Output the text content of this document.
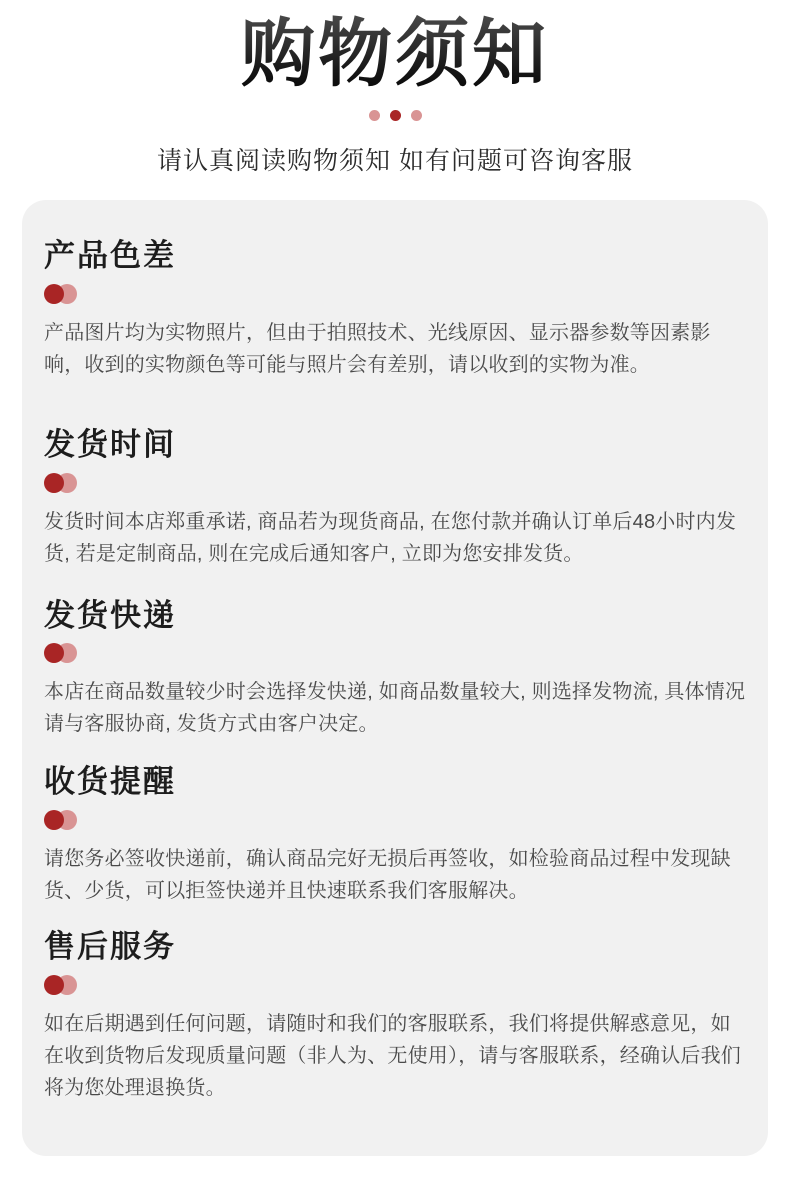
购物须知
请认真阅读购物须知 如有问题可咨询客服
产品色差

产品图片均为实物照片，但由于拍照技术、光线原因、显示器参数等因素影响，收到的实物颜色等可能与照片会有差别，请以收到的实物为准。

发货时间

发货时间本店郑重承诺, 商品若为现货商品, 在您付款并确认订单后48小时内发货, 若是定制商品, 则在完成后通知客户, 立即为您安排发货。

发货快递

本店在商品数量较少时会选择发快递, 如商品数量较大, 则选择发物流, 具体情况请与客服协商, 发货方式由客户决定。

收货提醒

请您务必签收快递前，确认商品完好无损后再签收，如检验商品过程中发现缺货、少货，可以拒签快递并且快速联系我们客服解决。

售后服务

如在后期遇到任何问题，请随时和我们的客服联系，我们将提供解惑意见，如在收到货物后发现质量问题（非人为、无使用），请与客服联系，经确认后我们将为您处理退换货。
